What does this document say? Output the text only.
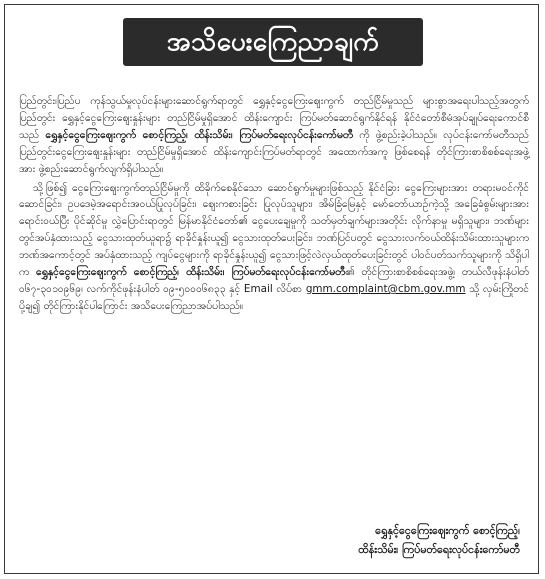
အသိပေးကြေညာချက်

ပြည်တွင်း၊ပြည်ပ ကုန်သွယ်မှုလုပ်ငန်းများဆောင်ရွက်ရာတွင် ရွှေနှင့်ငွေကြေးဈေးကွက် တည်ငြိမ်မှုသည် များစွာအရေးပါသည့်အတွက် ပြည်တွင်း ရွှေနှင့်ငွေကြေးဈေးနှုန်းများ တည်ငြိမ်မှုရှိအောင် ထိန်းကျောင်း ကြပ်မတ်ဆောင်ရွက်နိုင်ရန် နိုင်ငံတော်စီမံအုပ်ချုပ်ရေးကောင်စီသည် ရွှေနှင့်ငွေကြေးဈေးကွက် စောင့်ကြည့်၊ ထိန်းသိမ်း၊ ကြပ်မတ်ရေးလုပ်ငန်းကော်မတီ ကို ဖွဲ့စည်းခဲ့ပါသည်။ လုပ်ငန်းကော်မတီသည် ပြည်တွင်းငွေကြေးဈေးနှုန်းများ တည်ငြိမ်မှုရှိအောင် ထိန်းကျောင်းကြပ်မတ်ရာတွင် အထောက်အကူ ဖြစ်စေရန် တိုင်ကြားစာစိစစ်ရေးအဖွဲ့ အား ဖွဲ့စည်းဆောင်ရွက်လျက်ရှိပါသည်။

သို့ဖြစ်၍ ငွေကြေးဈေးကွက်တည်ငြိမ်မှုကို ထိခိုက်စေနိုင်သော ဆောင်ရွက်မှုများဖြစ်သည့် နိုင်ငံခြား ငွေကြေးများအား တရားမဝင်ကိုင်ဆောင်ခြင်း၊ ဥပဒေမဲ့အရောင်းအဝယ်ပြုလုပ်ခြင်း၊ ဈေးကစားခြင်း ပြုလုပ်သူများ၊ အိမ်ခြံမြေနှင့် မော်တော်ယာဉ်ကဲ့သို့ အခြေခံစွမ်းများအား ရောင်းဝယ်ပြီး ပိုင်ဆိုင်မှု လွှဲပြောင်းရာတွင် မြန်မာနိုင်ငံတော်၏ ငွေပေးချေမှုကို သတ်မှတ်ချက်များအတိုင်း လိုက်နာမှု မရှိသူများ၊ ဘဏ်များတွင်အပ်နှံထားသည့် ငွေသားထုတ်ယူရာ၌ ရာခိုင်နှုန်းယူ၍ ငွေသားထုတ်ပေးခြင်း၊ ဘဏ်ပြင်ပတွင် ငွေသားလက်ဝယ်ထိန်းသိမ်းထားသူများက ဘဏ်အကောင့်တွင် အပ်နှံထားသည့် ကျပ်ငွေများကို ရာခိုင်နှုန်းယူ၍ ငွေသားဖြင့်လဲလှယ်ထုတ်ပေးခြင်းတွင် ပါဝင်ပတ်သက်သူများကို သိရှိပါက ရွှေနှင့်ငွေကြေးဈေးကွက် စောင့်ကြည့်၊ ထိန်းသိမ်း၊ ကြပ်မတ်ရေးလုပ်ငန်းကော်မတီ၏ တိုင်ကြားစာစိစစ်ရေးအဖွဲ့၊ တယ်လီဖုန်းနံပါတ် ၀၆၇-၃၀၁၀၉၆၉၊ လက်ကိုင်ဖုန်းနံပါတ် ၀၉-၅၀၀၀၆၈၃၃ နှင့် Email လိပ်စာ gmm.complaint@cbm.gov.mm သို့ လှမ်းကြိုတင်ပို့ချ၍ တိုင်ကြားနိုင်ပါကြောင်း အသိပေးကြေညာအပ်ပါသည်။

ရွှေနှင့်ငွေကြေးဈေးကွက် စောင့်ကြည့်၊
ထိန်းသိမ်း၊ ကြပ်မတ်ရေးလုပ်ငန်းကော်မတီ
